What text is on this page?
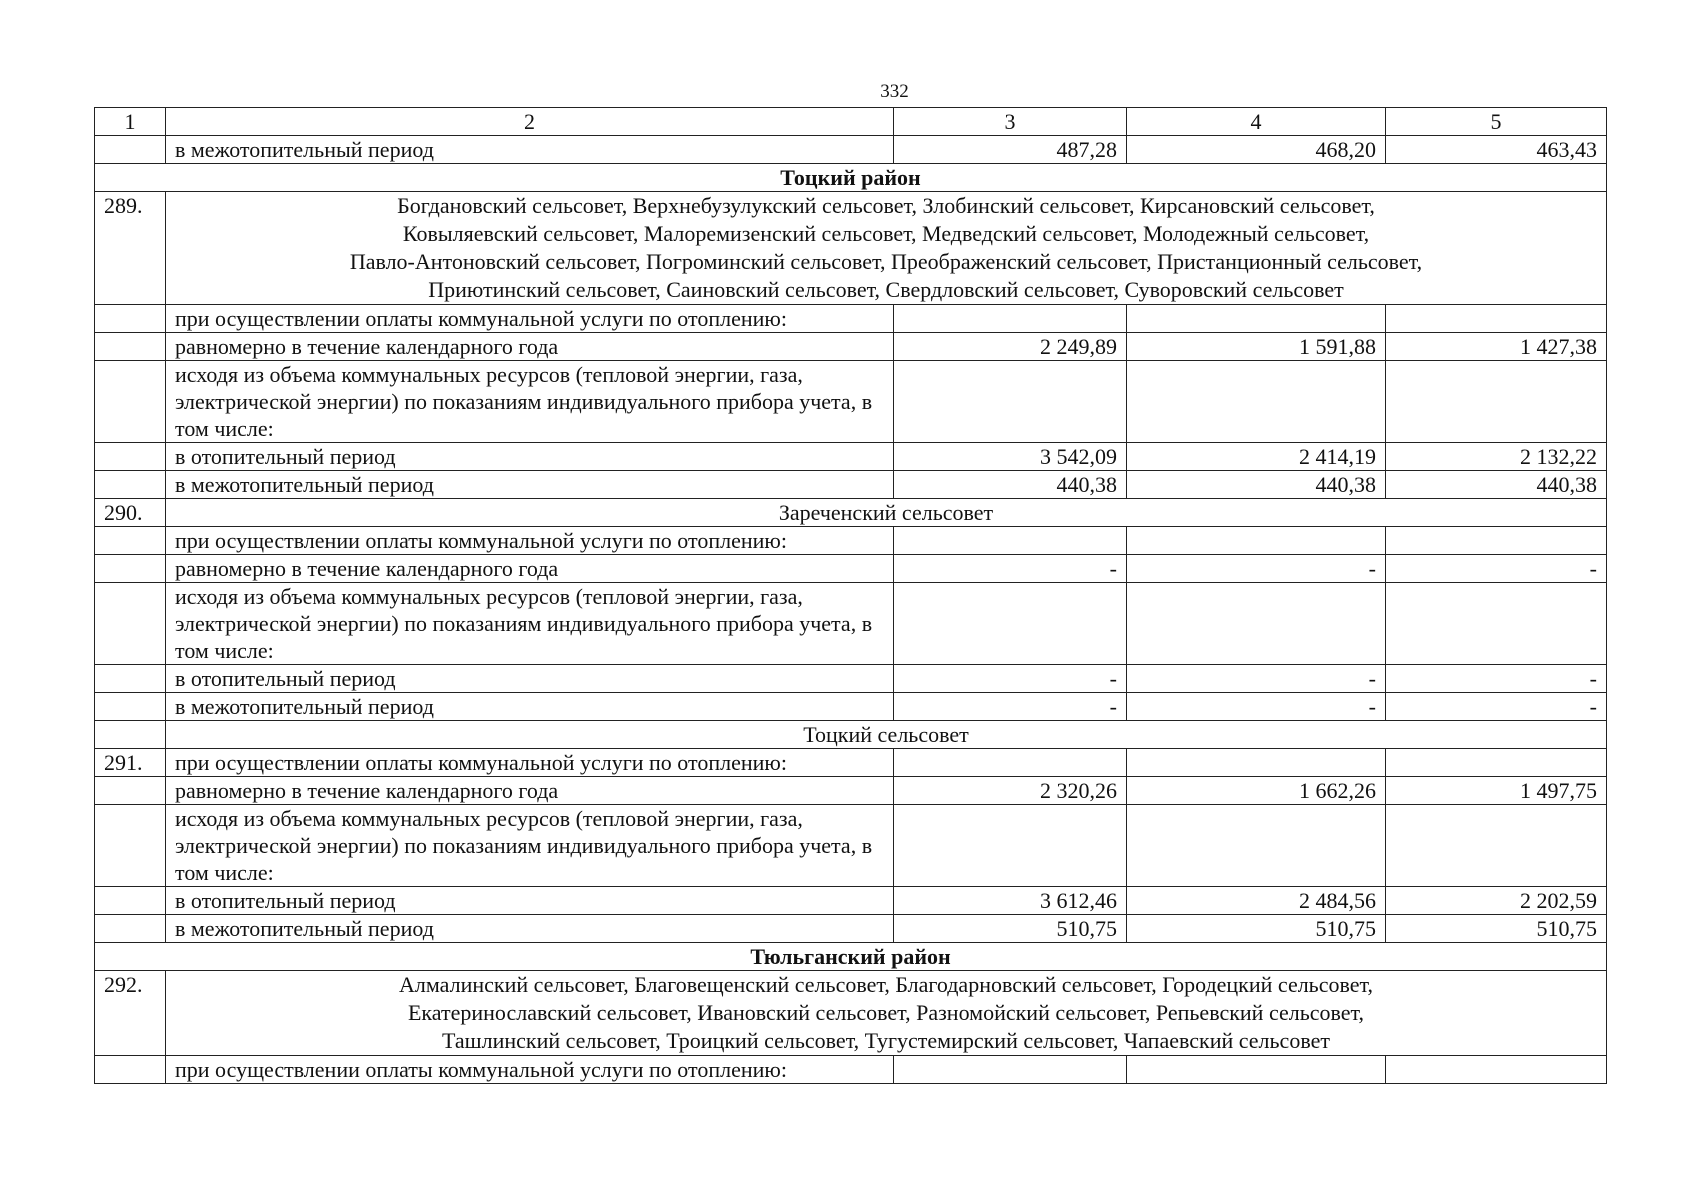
332
1	2	3	4	5
	в межотопительный период	487,28	468,20	463,43
Тоцкий район				
289.	Богдановский сельсовет, Верхнебузулукский сельсовет, Злобинский сельсовет, Кирсановский сельсовет,
Ковыляевский сельсовет, Малоремизенский сельсовет, Медведский сельсовет, Молодежный сельсовет,
Павло-Антоновский сельсовет, Погроминский сельсовет, Преображенский сельсовет, Пристанционный сельсовет,
Приютинский сельсовет, Саиновский сельсовет, Свердловский сельсовет, Суворовский сельсовет			

	при осуществлении оплаты коммунальной услуги по отоплению:			
	равномерно в течение календарного года	2 249,89	1 591,88	1 427,38
	исходя из объема коммунальных ресурсов (тепловой энергии, газа, электрической энергии) по показаниям индивидуального прибора учета, в том числе:			
	в отопительный период	3 542,09	2 414,19	2 132,22
	в межотопительный период	440,38	440,38	440,38
290.	Зареченский сельсовет			
	при осуществлении оплаты коммунальной услуги по отоплению:			
	равномерно в течение календарного года	-	-	-
	исходя из объема коммунальных ресурсов (тепловой энергии, газа, электрической энергии) по показаниям индивидуального прибора учета, в том числе:			
	в отопительный период	-	-	-
	в межотопительный период	-	-	-
	Тоцкий сельсовет			
291.	при осуществлении оплаты коммунальной услуги по отоплению:			
	равномерно в течение календарного года	2 320,26	1 662,26	1 497,75
	исходя из объема коммунальных ресурсов (тепловой энергии, газа, электрической энергии) по показаниям индивидуального прибора учета, в том числе:			
	в отопительный период	3 612,46	2 484,56	2 202,59
	в межотопительный период	510,75	510,75	510,75
Тюльганский район				
292.	Алмалинский сельсовет, Благовещенский сельсовет, Благодарновский сельсовет, Городецкий сельсовет,
Екатеринославский сельсовет, Ивановский сельсовет, Разномойский сельсовет, Репьевский сельсовет,
Ташлинский сельсовет, Троицкий сельсовет, Тугустемирский сельсовет, Чапаевский сельсовет			

	при осуществлении оплаты коммунальной услуги по отоплению:			
